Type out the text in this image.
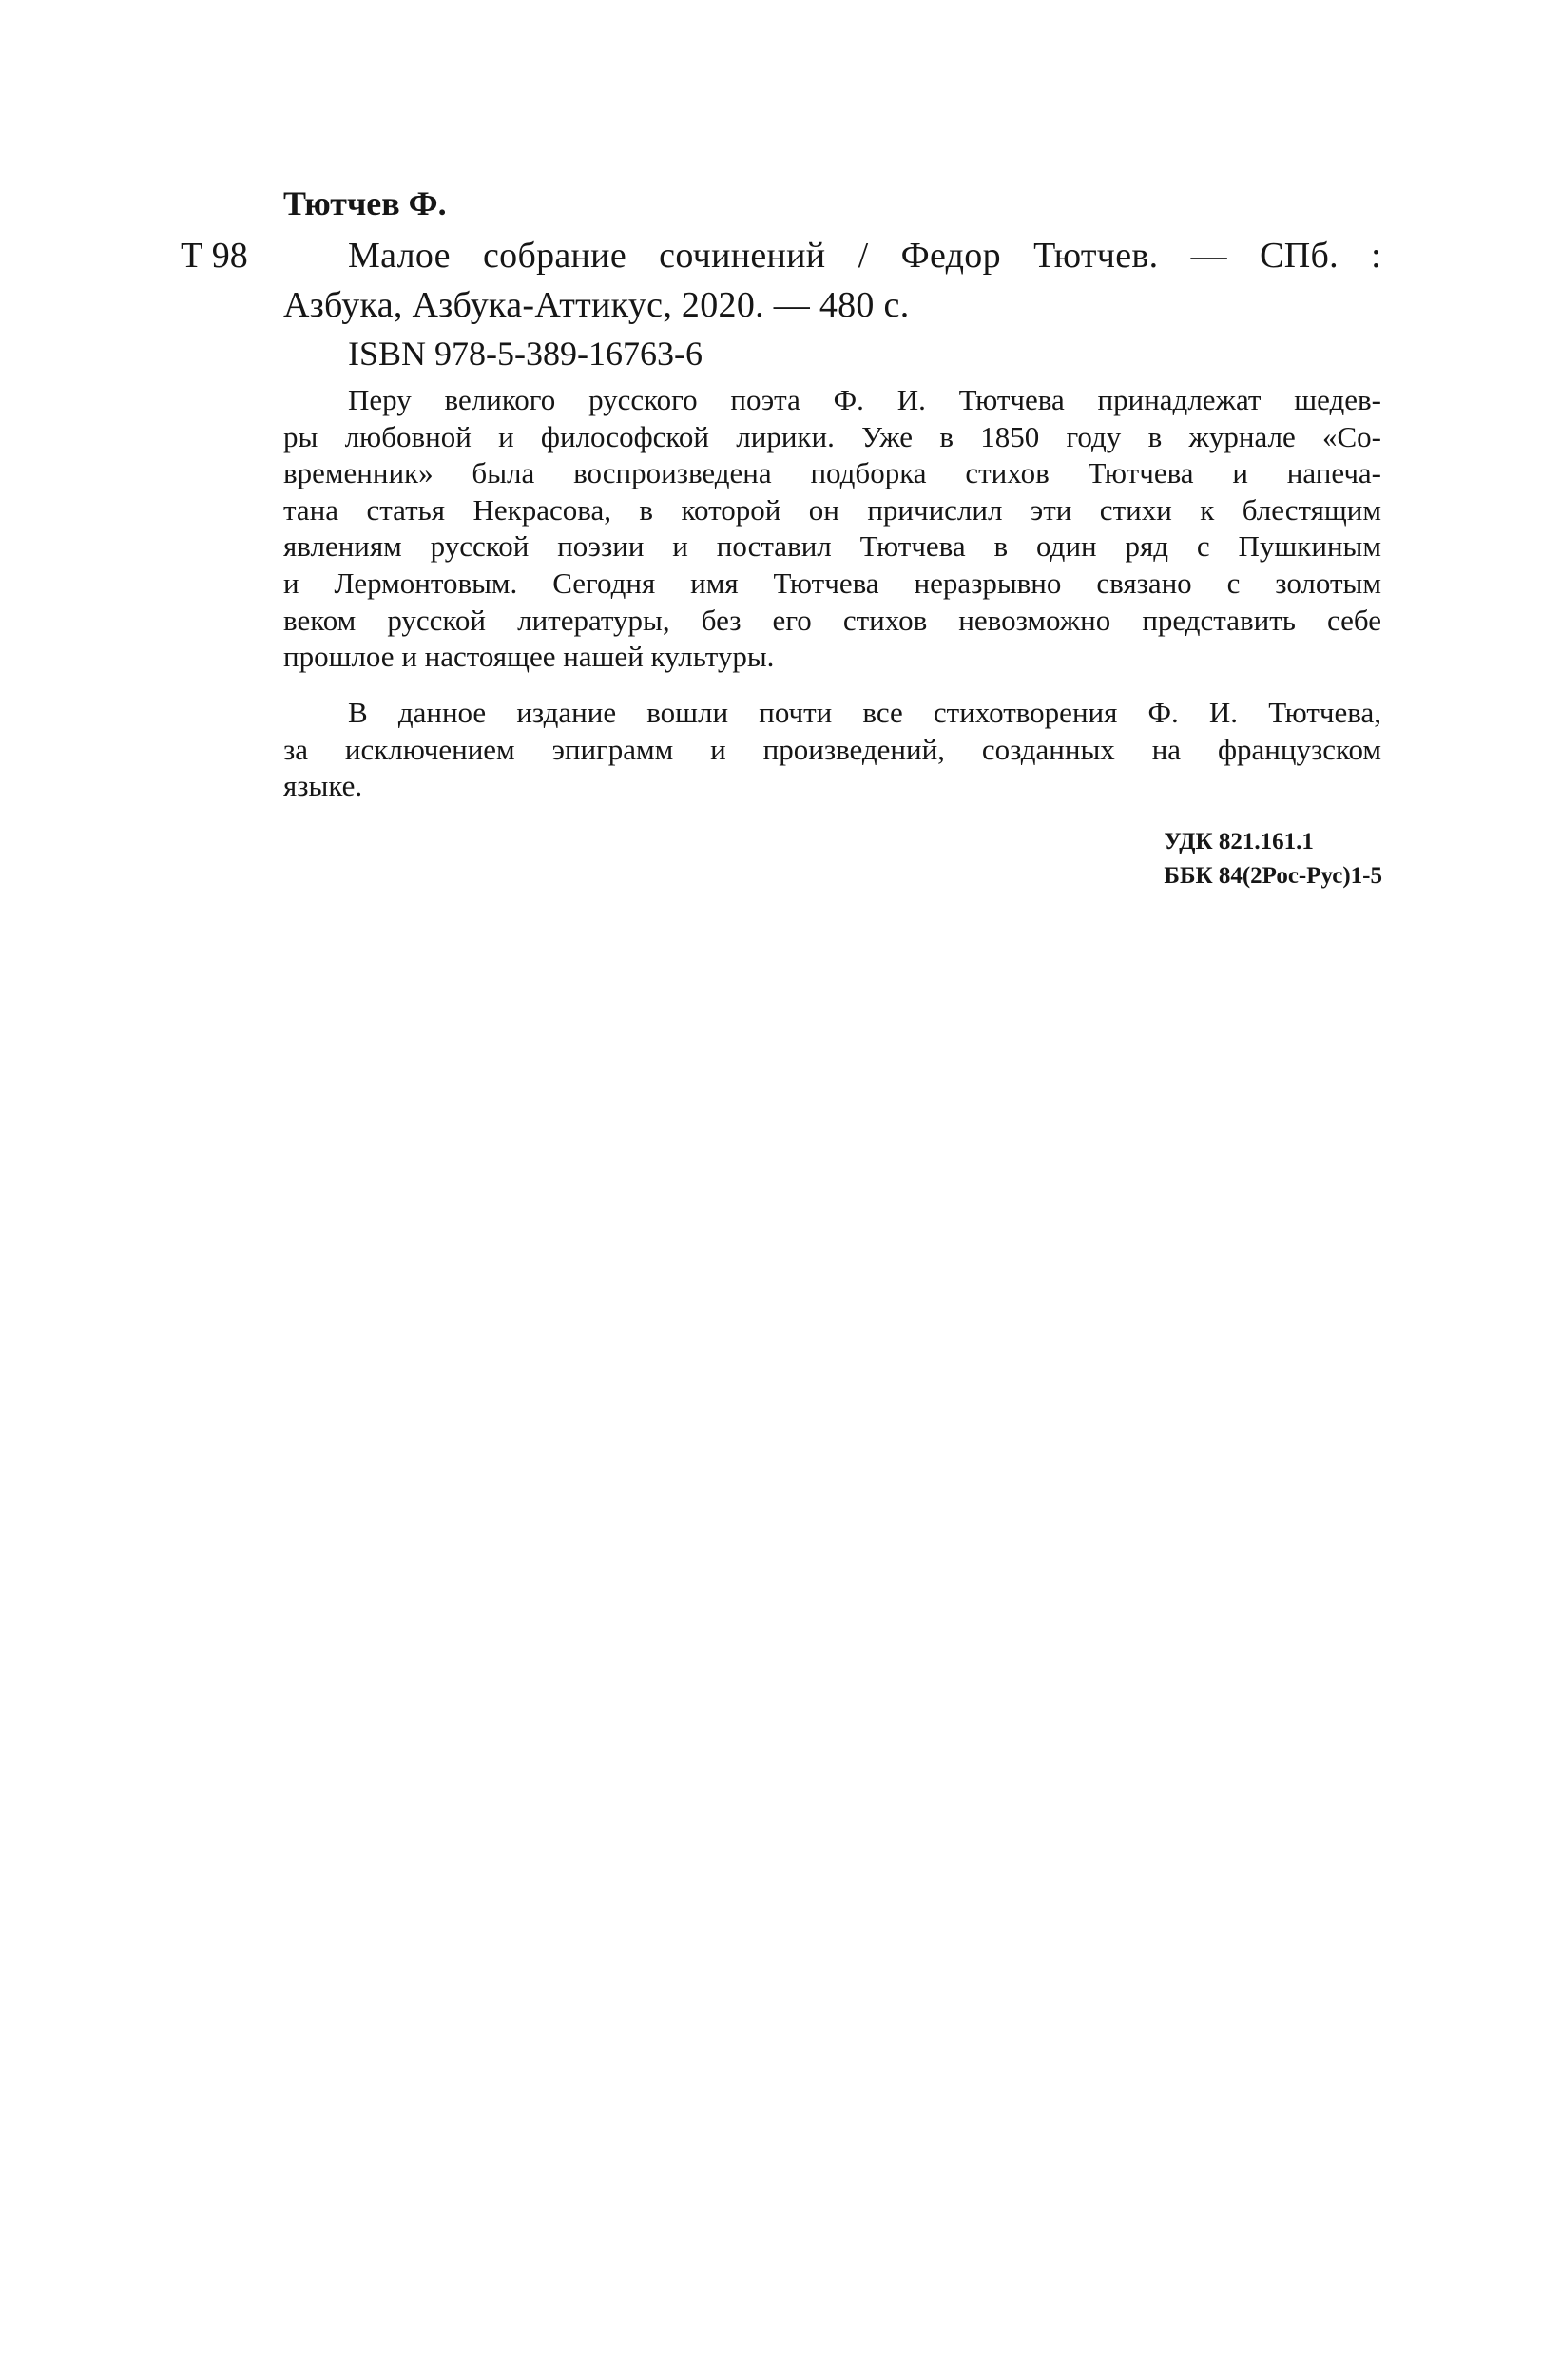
Тютчев Ф.
Т 98	Малое собрание сочинений / Федор Тютчев. — СПб. :
Азбука, Азбука-Аттикус, 2020. — 480 с.
ISBN 978-5-389-16763-6
Перу великого русского поэта Ф. И. Тютчева принадлежат шедев-
ры любовной и философской лирики. Уже в 1850 году в журнале «Со-
временник» была воспроизведена подборка стихов Тютчева и напеча-
тана статья Некрасова, в которой он причислил эти стихи к блестящим
явлениям русской поэзии и поставил Тютчева в один ряд с Пушкиным
и Лермонтовым. Сегодня имя Тютчева неразрывно связано с золотым
веком русской литературы, без его стихов невозможно представить себе
прошлое и настоящее нашей культуры.
В данное издание вошли почти все стихотворения Ф. И. Тютчева,
за исключением эпиграмм и произведений, созданных на французском
языке.
УДК 821.161.1
ББК 84(2Рос-Рус)1-5
